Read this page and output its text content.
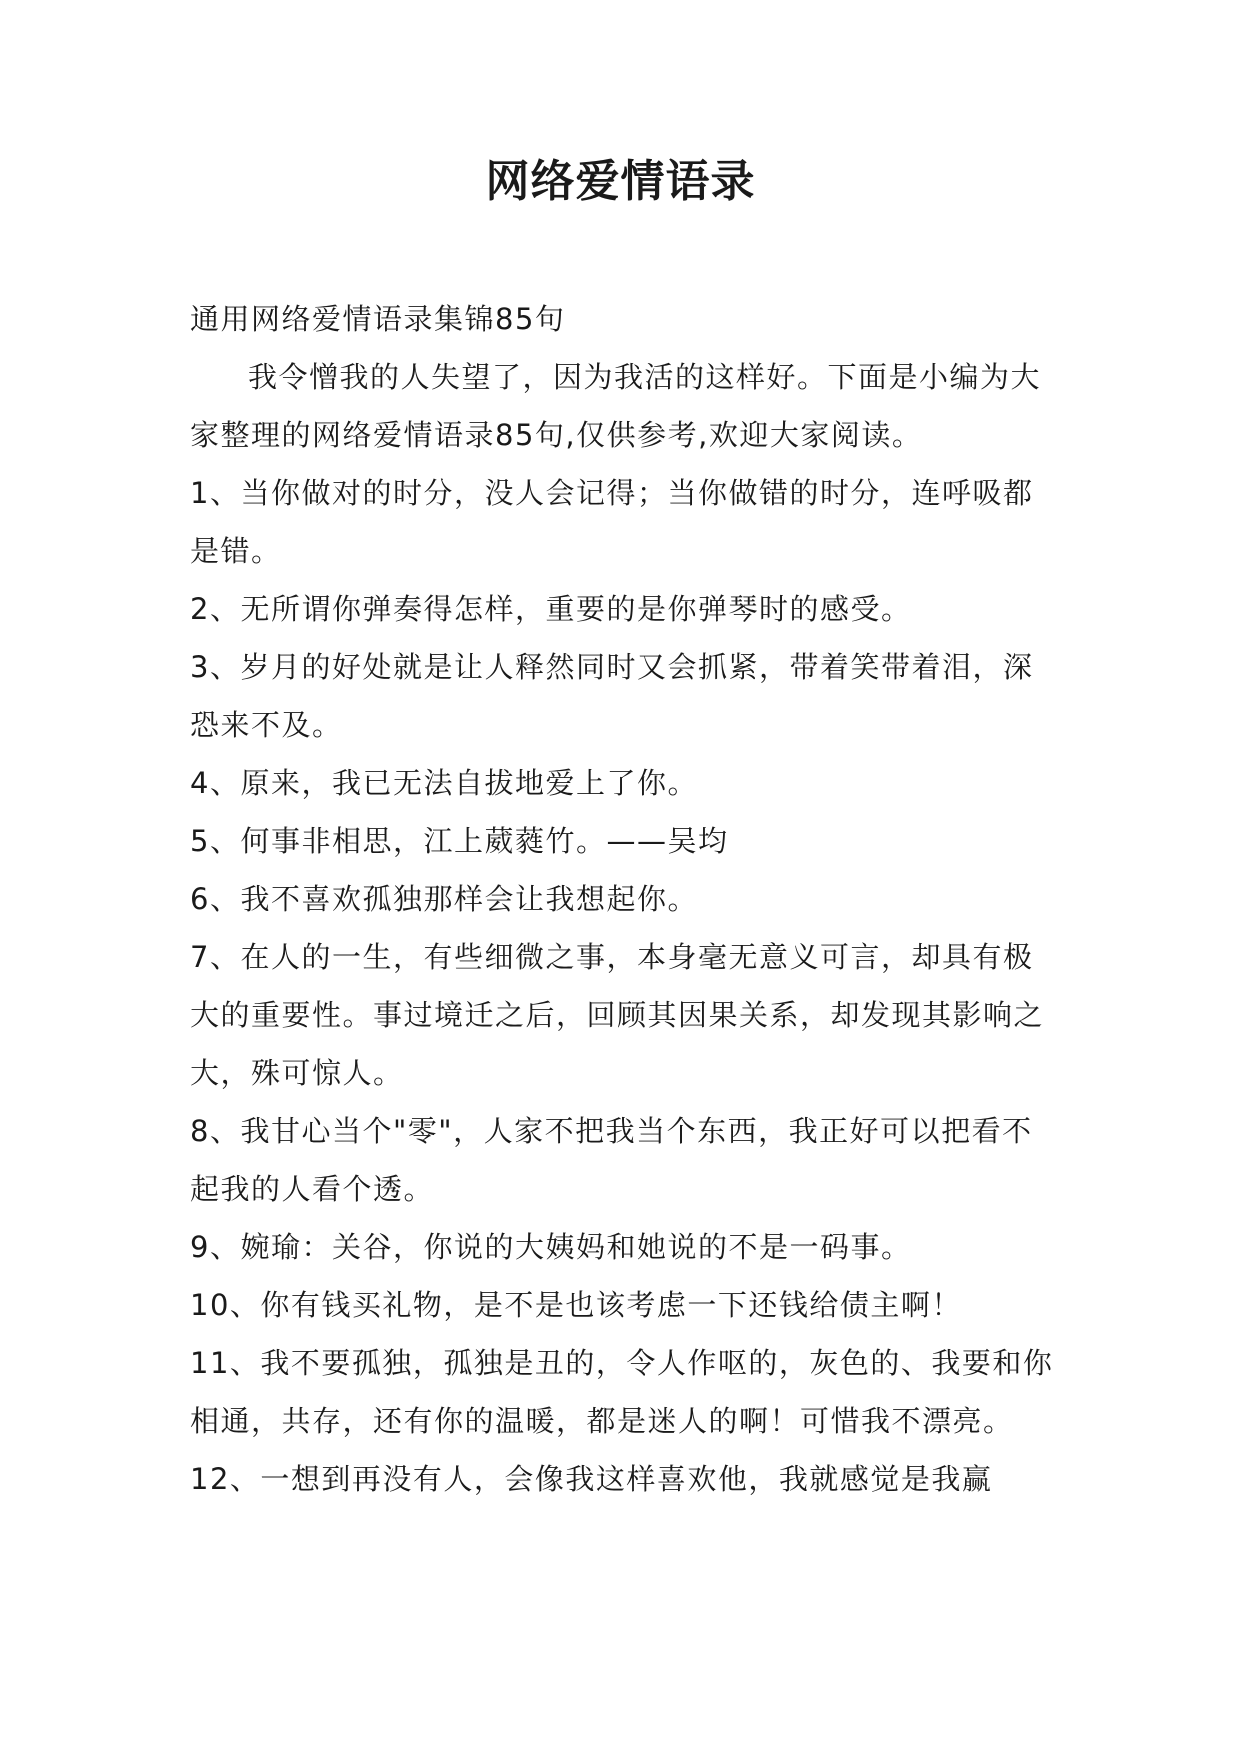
网络爱情语录

通用网络爱情语录集锦85句

我令憎我的人失望了，因为我活的这样好。下面是小编为大家整理的网络爱情语录85句,仅供参考,欢迎大家阅读。

1、当你做对的时分，没人会记得；当你做错的时分，连呼吸都是错。

2、无所谓你弹奏得怎样，重要的是你弹琴时的感受。

3、岁月的好处就是让人释然同时又会抓紧，带着笑带着泪，深恐来不及。

4、原来，我已无法自拔地爱上了你。

5、何事非相思，江上葳蕤竹。——吴均

6、我不喜欢孤独那样会让我想起你。

7、在人的一生，有些细微之事，本身毫无意义可言，却具有极大的重要性。事过境迁之后，回顾其因果关系，却发现其影响之大，殊可惊人。

8、我甘心当个"零"，人家不把我当个东西，我正好可以把看不起我的人看个透。

9、婉瑜：关谷，你说的大姨妈和她说的不是一码事。

10、你有钱买礼物，是不是也该考虑一下还钱给债主啊！

11、我不要孤独，孤独是丑的，令人作呕的，灰色的、我要和你相通，共存，还有你的温暖，都是迷人的啊！可惜我不漂亮。

12、一想到再没有人，会像我这样喜欢他，我就感觉是我赢
